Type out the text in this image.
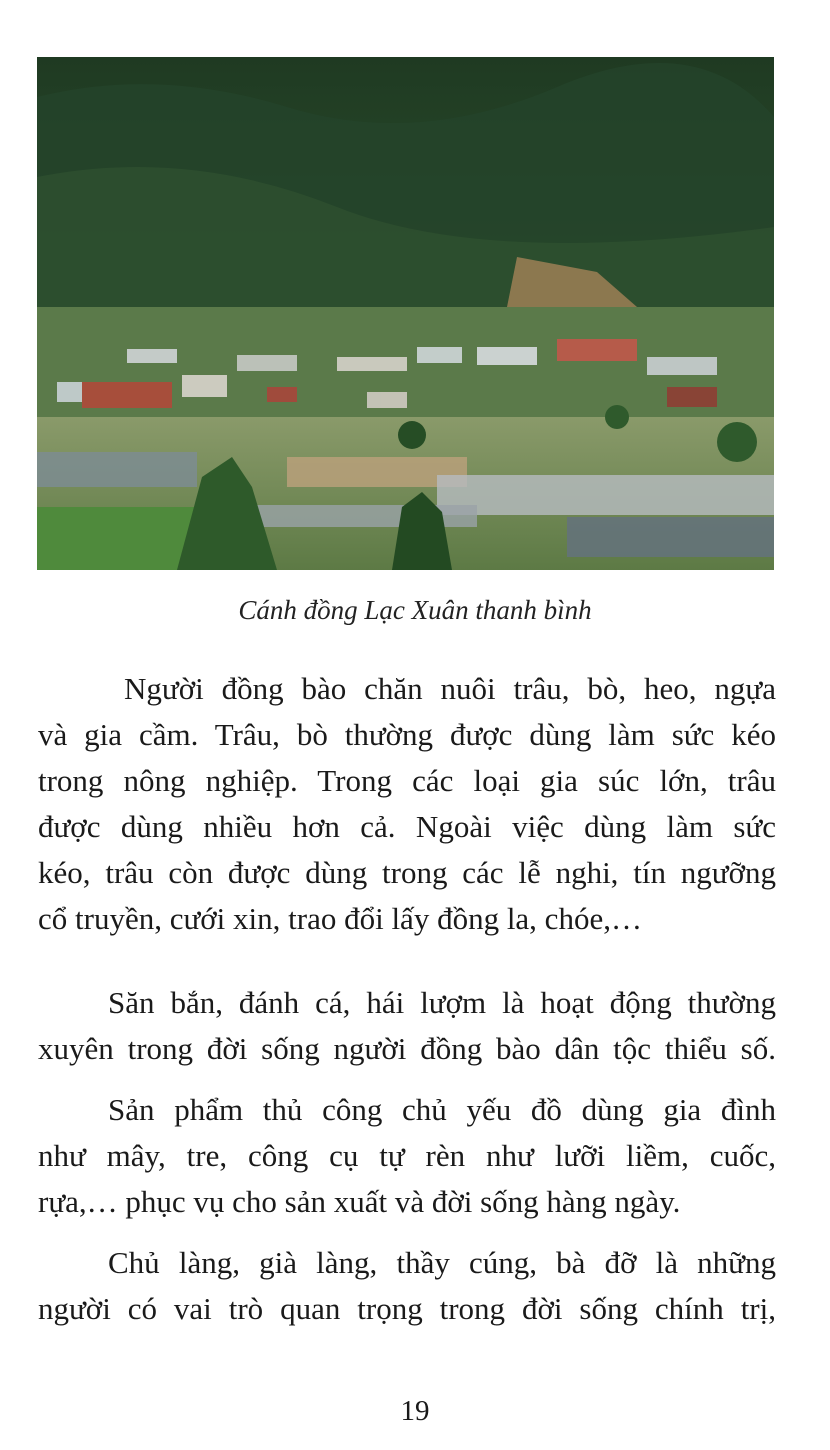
Cánh đồng Lạc Xuân thanh bình
Người đồng bào chăn nuôi trâu, bò, heo, ngựa
và gia cầm. Trâu, bò thường được dùng làm sức kéo
trong nông nghiệp. Trong các loại gia súc lớn, trâu
được dùng nhiều hơn cả. Ngoài việc dùng làm sức
kéo, trâu còn được dùng trong các lễ nghi, tín ngưỡng
cổ truyền, cưới xin, trao đổi lấy đồng la, chóe,…
Săn bắn, đánh cá, hái lượm là hoạt động thường
xuyên trong đời sống người đồng bào dân tộc thiểu số.
Sản phẩm thủ công chủ yếu đồ dùng gia đình
như mây, tre, công cụ tự rèn như lưỡi liềm, cuốc,
rựa,… phục vụ cho sản xuất và đời sống hàng ngày.
Chủ làng, già làng, thầy cúng, bà đỡ là những
người có vai trò quan trọng trong đời sống chính trị,
19
